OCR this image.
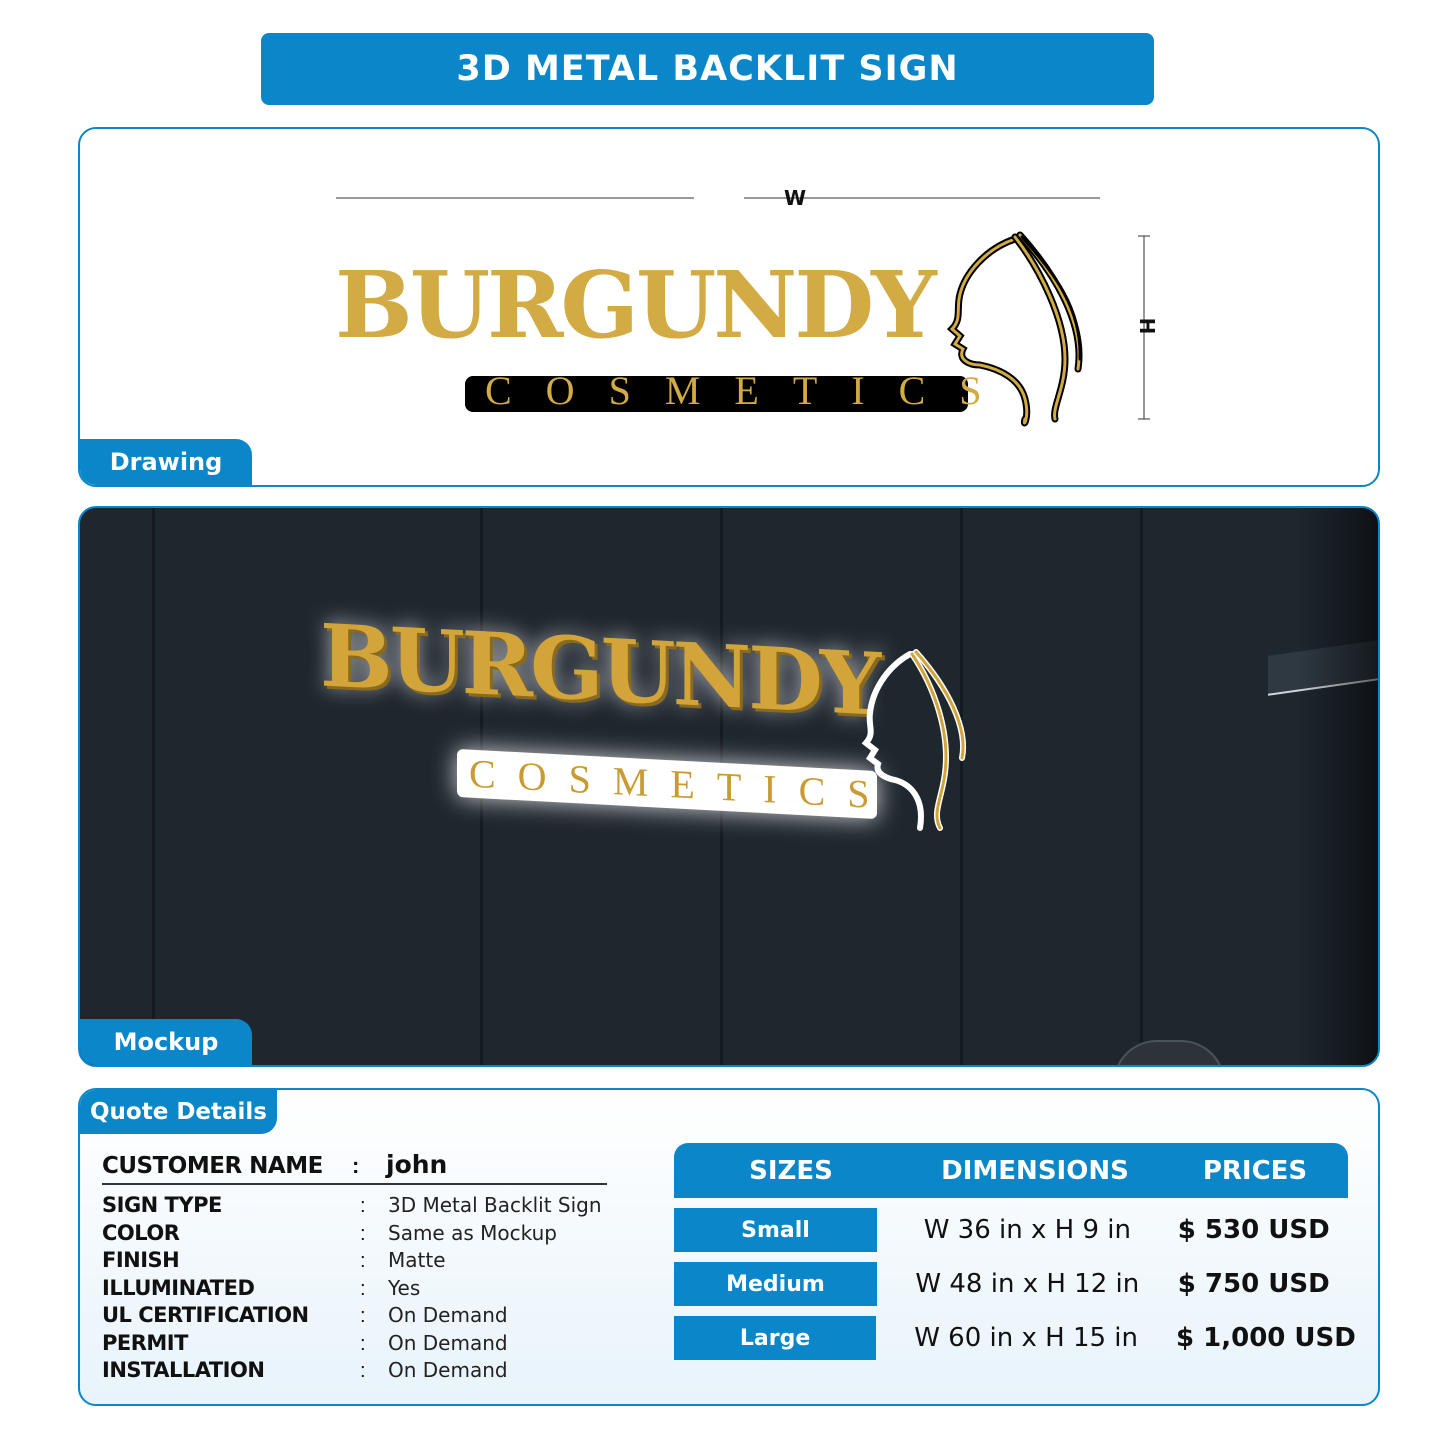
3D METAL BACKLIT SIGN
W
H
BURGUNDY
COSMETICS
Drawing
BURGUNDY
COSMETICS
Mockup
Quote Details
CUSTOMER NAME	:	john
SIGN TYPE	:	3D Metal Backlit Sign
COLOR	:	Same as Mockup
FINISH	:	Matte
ILLUMINATED	:	Yes
UL CERTIFICATION	:	On Demand
PERMIT	:	On Demand
INSTALLATION	:	On Demand
SIZES	DIMENSIONS	PRICES
Small	W 36 in x H 9 in	$ 530 USD
Medium	W 48 in x H 12 in	$ 750 USD
Large	W 60 in x H 15 in	$ 1,000 USD
